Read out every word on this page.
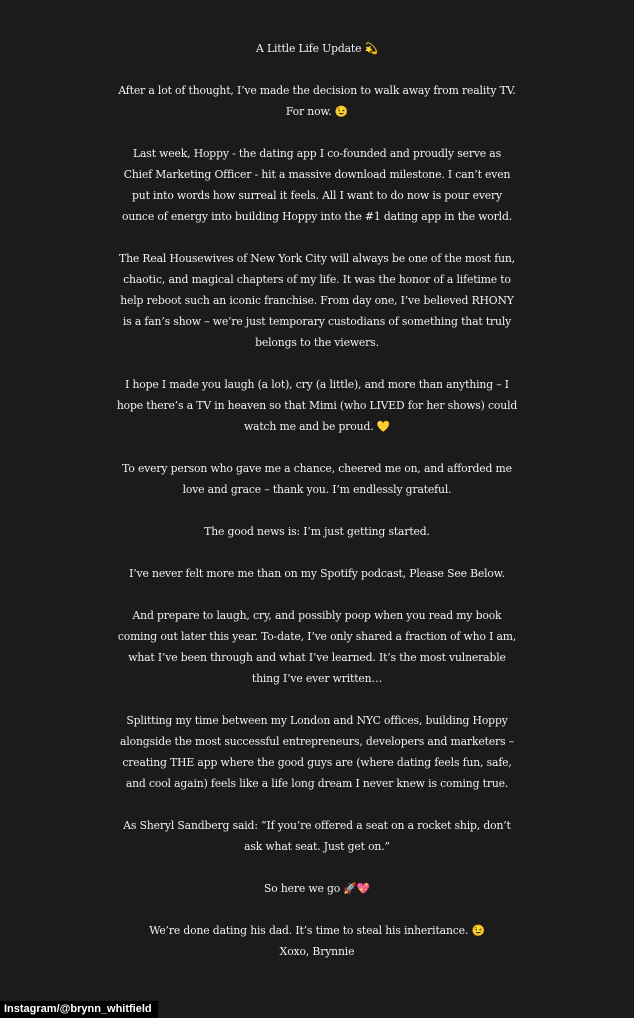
A Little Life Update 💫
After a lot of thought, I’ve made the decision to walk away from reality TV.
For now. 😉
Last week, Hoppy - the dating app I co-founded and proudly serve as
Chief Marketing Officer - hit a massive download milestone. I can’t even
put into words how surreal it feels. All I want to do now is pour every
ounce of energy into building Hoppy into the #1 dating app in the world.
The Real Housewives of New York City will always be one of the most fun,
chaotic, and magical chapters of my life. It was the honor of a lifetime to
help reboot such an iconic franchise. From day one, I’ve believed RHONY
is a fan’s show – we’re just temporary custodians of something that truly
belongs to the viewers.
I hope I made you laugh (a lot), cry (a little), and more than anything – I
hope there’s a TV in heaven so that Mimi (who LIVED for her shows) could
watch me and be proud. 💛
To every person who gave me a chance, cheered me on, and afforded me
love and grace – thank you. I’m endlessly grateful.
The good news is: I’m just getting started.
I’ve never felt more me than on my Spotify podcast, Please See Below.
And prepare to laugh, cry, and possibly poop when you read my book
coming out later this year. To-date, I’ve only shared a fraction of who I am,
what I’ve been through and what I’ve learned. It’s the most vulnerable
thing I’ve ever written…
Splitting my time between my London and NYC offices, building Hoppy
alongside the most successful entrepreneurs, developers and marketers –
creating THE app where the good guys are (where dating feels fun, safe,
and cool again) feels like a life long dream I never knew is coming true.
As Sheryl Sandberg said: “If you’re offered a seat on a rocket ship, don’t
ask what seat. Just get on.”
So here we go 🚀💖
We’re done dating his dad. It’s time to steal his inheritance. 😉
Xoxo, Brynnie
Instagram/@brynn_whitfield
